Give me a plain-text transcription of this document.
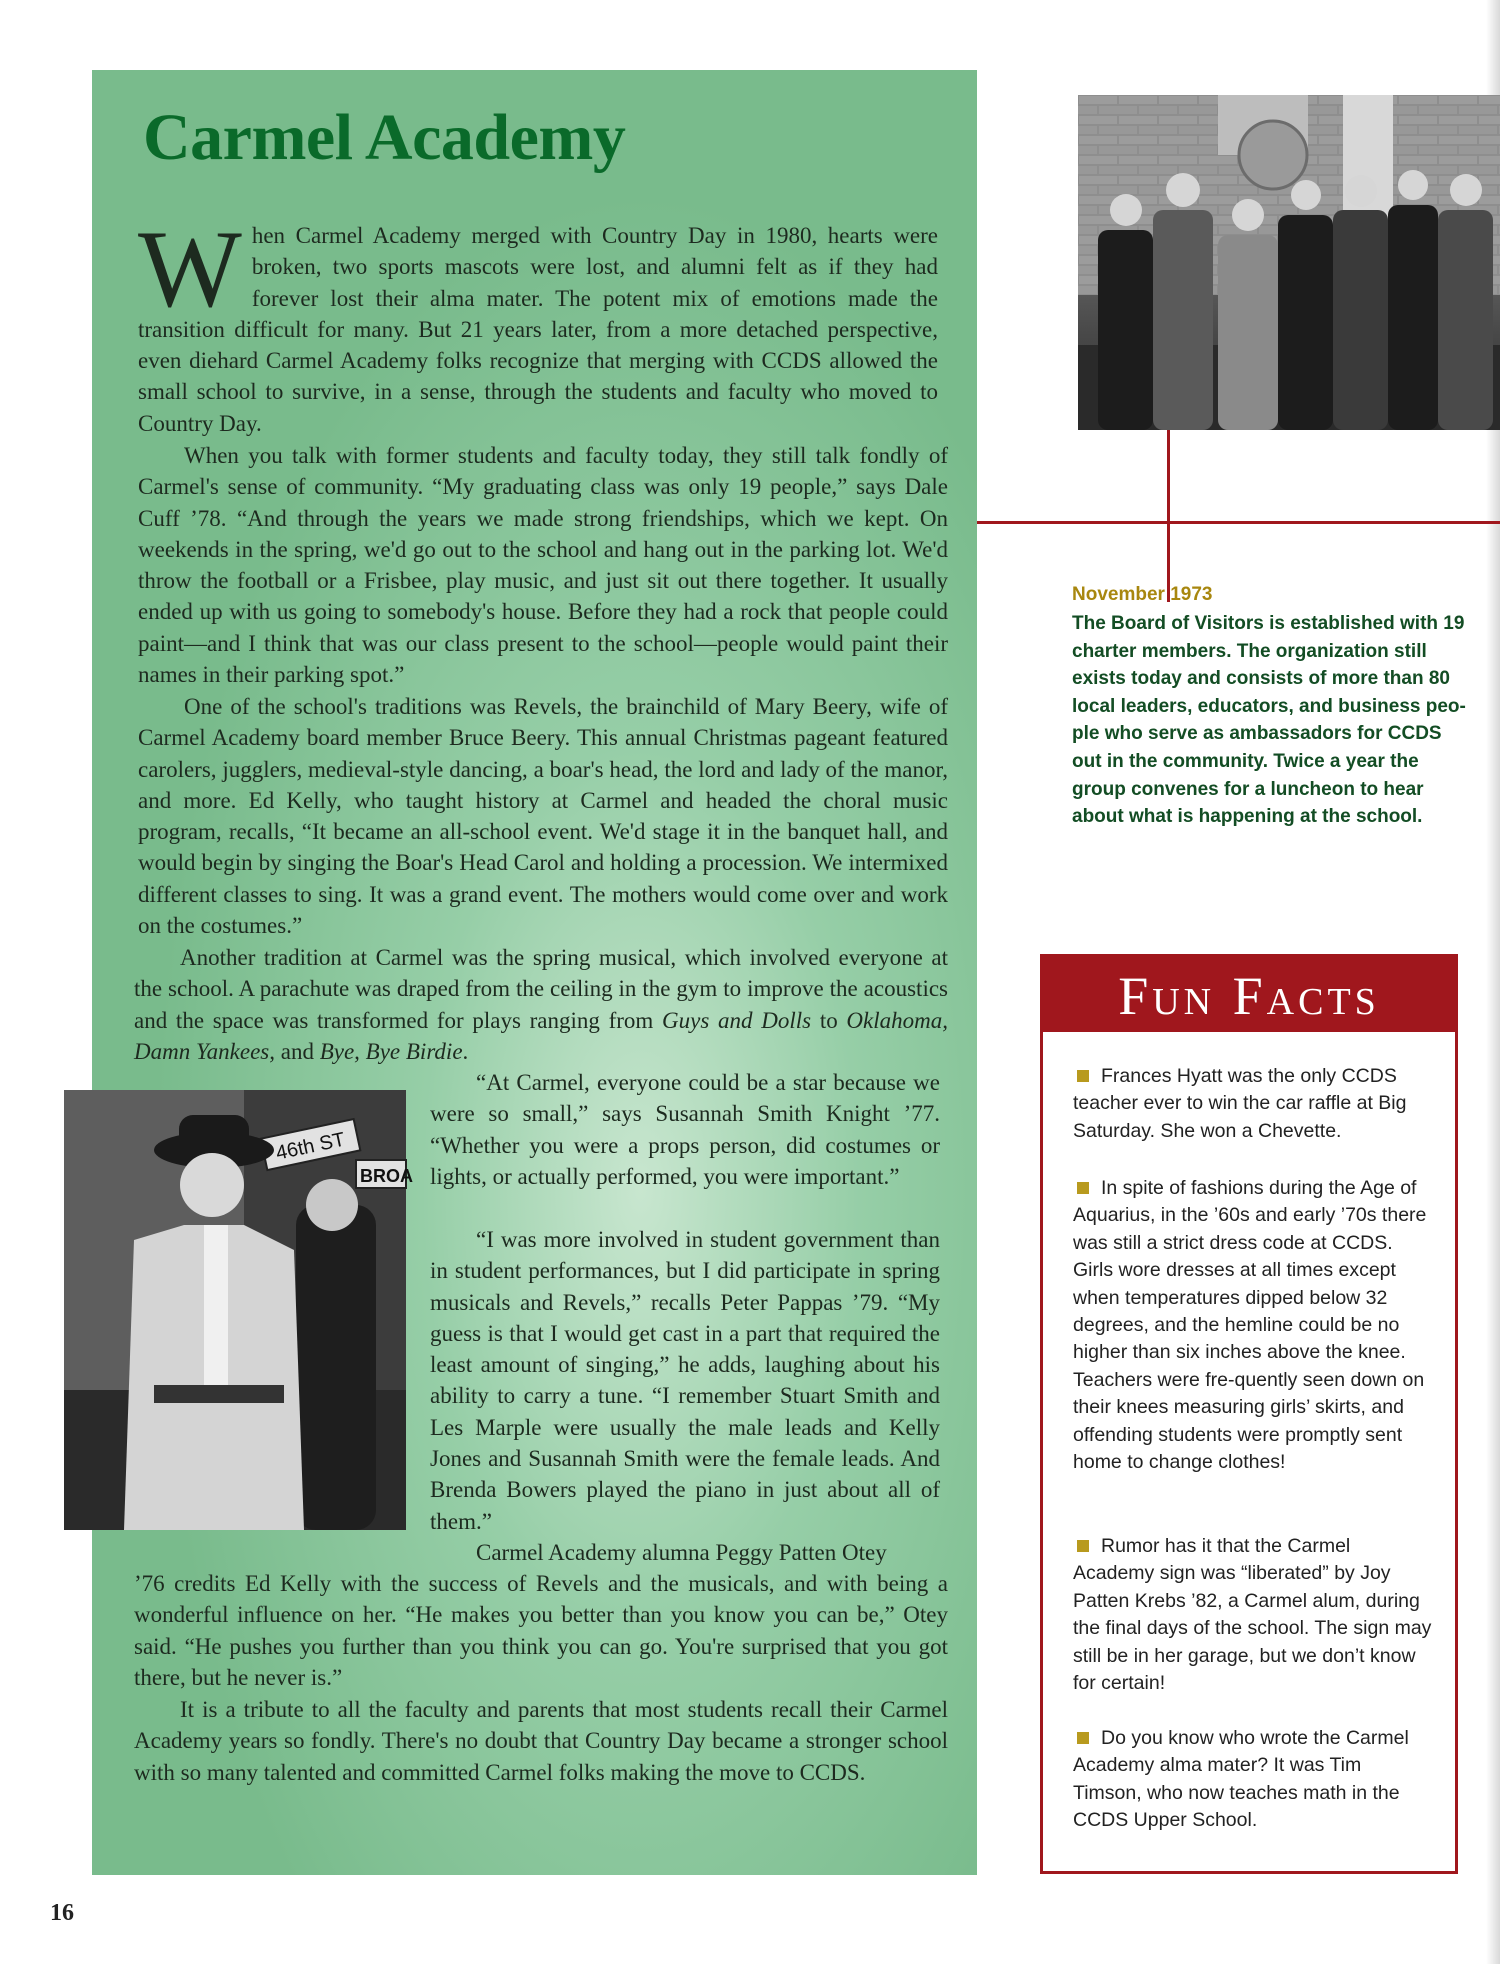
Carmel Academy

When Carmel Academy merged with Country Day in 1980, hearts were broken, two sports mascots were lost, and alumni felt as if they had forever lost their alma mater. The potent mix of emotions made the transition difficult for many. But 21 years later, from a more detached perspective, even diehard Carmel Academy folks recognize that merging with CCDS allowed the small school to survive, in a sense, through the students and faculty who moved to Country Day.

When you talk with former students and faculty today, they still talk fondly of Carmel's sense of community. “My graduating class was only 19 people,” says Dale Cuff ’78. “And through the years we made strong friendships, which we kept. On weekends in the spring, we'd go out to the school and hang out in the parking lot. We'd throw the football or a Frisbee, play music, and just sit out there together. It usually ended up with us going to somebody's house. Before they had a rock that people could paint—and I think that was our class present to the school—people would paint their names in their parking spot.”

One of the school's traditions was Revels, the brainchild of Mary Beery, wife of Carmel Academy board member Bruce Beery. This annual Christmas pageant featured carolers, jugglers, medieval-style dancing, a boar's head, the lord and lady of the manor, and more. Ed Kelly, who taught history at Carmel and headed the choral music program, recalls, “It became an all-school event. We'd stage it in the banquet hall, and would begin by singing the Boar's Head Carol and holding a procession. We intermixed different classes to sing. It was a grand event. The mothers would come over and work on the costumes.”

Another tradition at Carmel was the spring musical, which involved everyone at the school. A parachute was draped from the ceiling in the gym to improve the acoustics and the space was transformed for plays ranging from Guys and Dolls to Oklahoma, Damn Yankees, and Bye, Bye Birdie.

“At Carmel, everyone could be a star because we were so small,” says Susannah Smith Knight ’77. “Whether you were a props person, did costumes or lights, or actually performed, you were important.”

“I was more involved in student government than in student performances, but I did participate in spring musicals and Revels,” recalls Peter Pappas ’79. “My guess is that I would get cast in a part that required the least amount of singing,” he adds, laughing about his ability to carry a tune. “I remember Stuart Smith and Les Marple were usually the male leads and Kelly Jones and Susannah Smith were the female leads. And Brenda Bowers played the piano in just about all of them.”

Carmel Academy alumna Peggy Patten Otey

’76 credits Ed Kelly with the success of Revels and the musicals, and with being a wonderful influence on her. “He makes you better than you know you can be,” Otey said. “He pushes you further than you think you can go. You're surprised that you got there, but he never is.”

It is a tribute to all the faculty and parents that most students recall their Carmel Academy years so fondly. There's no doubt that Country Day became a stronger school with so many talented and committed Carmel folks making the move to CCDS.

November 1973

The Board of Visitors is established with 19 charter members. The organization still exists today and consists of more than 80 local leaders, educators, and business peo-ple who serve as ambassadors for CCDS out in the community. Twice a year the group convenes for a luncheon to hear about what is happening at the school.

46th ST
BROA
Fun Facts

Frances Hyatt was the only CCDS teacher ever to win the car raffle at Big Saturday. She won a Chevette.

In spite of fashions during the Age of Aquarius, in the ’60s and early ’70s there was still a strict dress code at CCDS. Girls wore dresses at all times except when temperatures dipped below 32 degrees, and the hemline could be no higher than six inches above the knee. Teachers were fre-quently seen down on their knees measuring girls’ skirts, and offending students were promptly sent home to change clothes!

Rumor has it that the Carmel Academy sign was “liberated” by Joy Patten Krebs ’82, a Carmel alum, during the final days of the school. The sign may still be in her garage, but we don’t know for certain!

Do you know who wrote the Carmel Academy alma mater? It was Tim Timson, who now teaches math in the CCDS Upper School.

16
